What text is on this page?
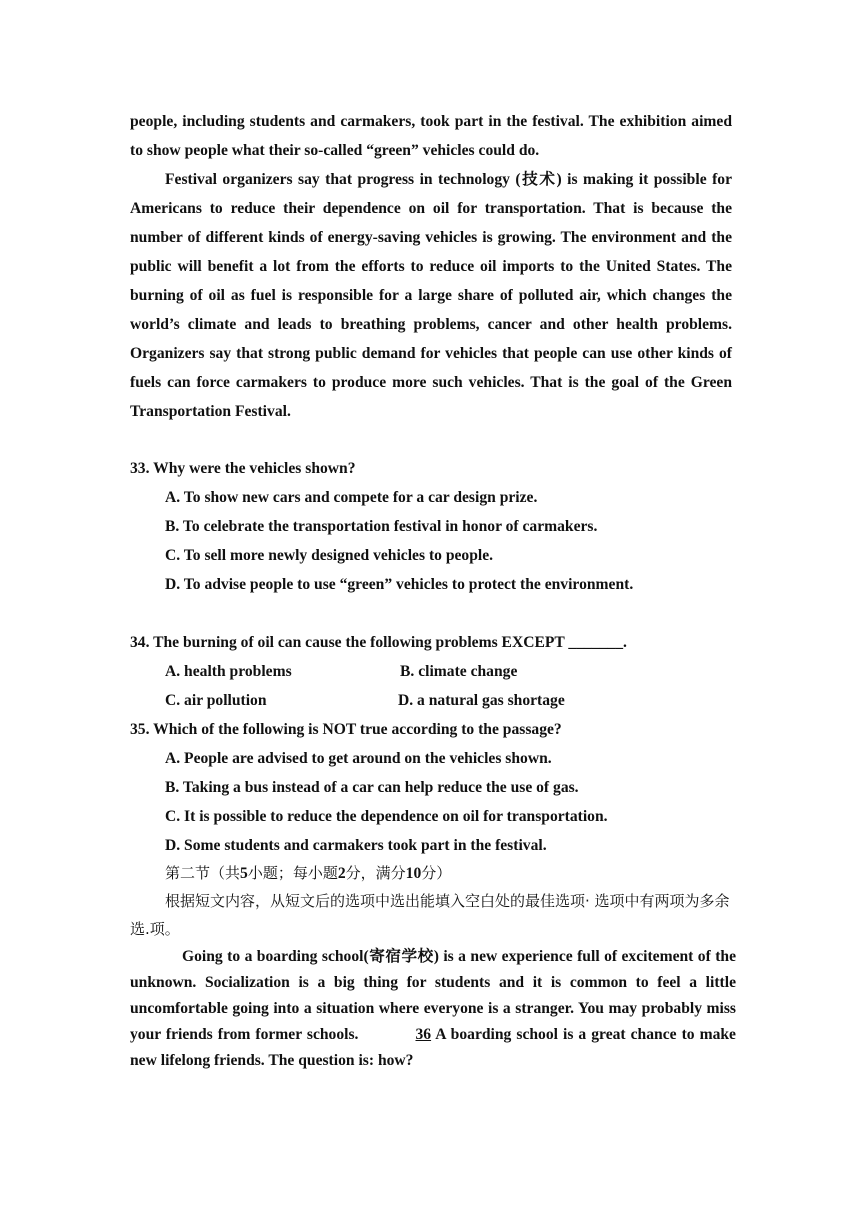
people, including students and carmakers, took part in the festival. The exhibition aimed to show people what their so-called “green” vehicles could do.

Festival organizers say that progress in technology (技术) is making it possible for Americans to reduce their dependence on oil for transportation. That is because the number of different kinds of energy-saving vehicles is growing. The environment and the public will benefit a lot from the efforts to reduce oil imports to the United States. The burning of oil as fuel is responsible for a large share of polluted air, which changes the world’s climate and leads to breathing problems, cancer and other health problems. Organizers say that strong public demand for vehicles that people can use other kinds of fuels can force carmakers to produce more such vehicles. That is the goal of the Green Transportation Festival.

33. Why were the vehicles shown?
A. To show new cars and compete for a car design prize.
B. To celebrate the transportation festival in honor of carmakers.
C. To sell more newly designed vehicles to people.
D. To advise people to use “green” vehicles to protect the environment.
34. The burning of oil can cause the following problems EXCEPT _______.
A. health problems	B. climate change
C. air pollution	D. a natural gas shortage
35. Which of the following is NOT true according to the passage?
A. People are advised to get around on the vehicles shown.
B. Taking a bus instead of a car can help reduce the use of gas.
C. It is possible to reduce the dependence on oil for transportation.
D. Some students and carmakers took part in the festival.
第二节（共5小题；每小题2分，满分10分）
根据短文内容，从短文后的选项中选出能填入空白处的最佳选项· 选项中有两项为多余选.项。

Going to a boarding school(寄宿学校) is a new experience full of excitement of the unknown. Socialization is a big thing for students and it is common to feel a little uncomfortable going into a situation where everyone is a stranger. You may probably miss your friends from former schools.	36 A boarding school is a great chance to make new lifelong friends. The question is: how?
